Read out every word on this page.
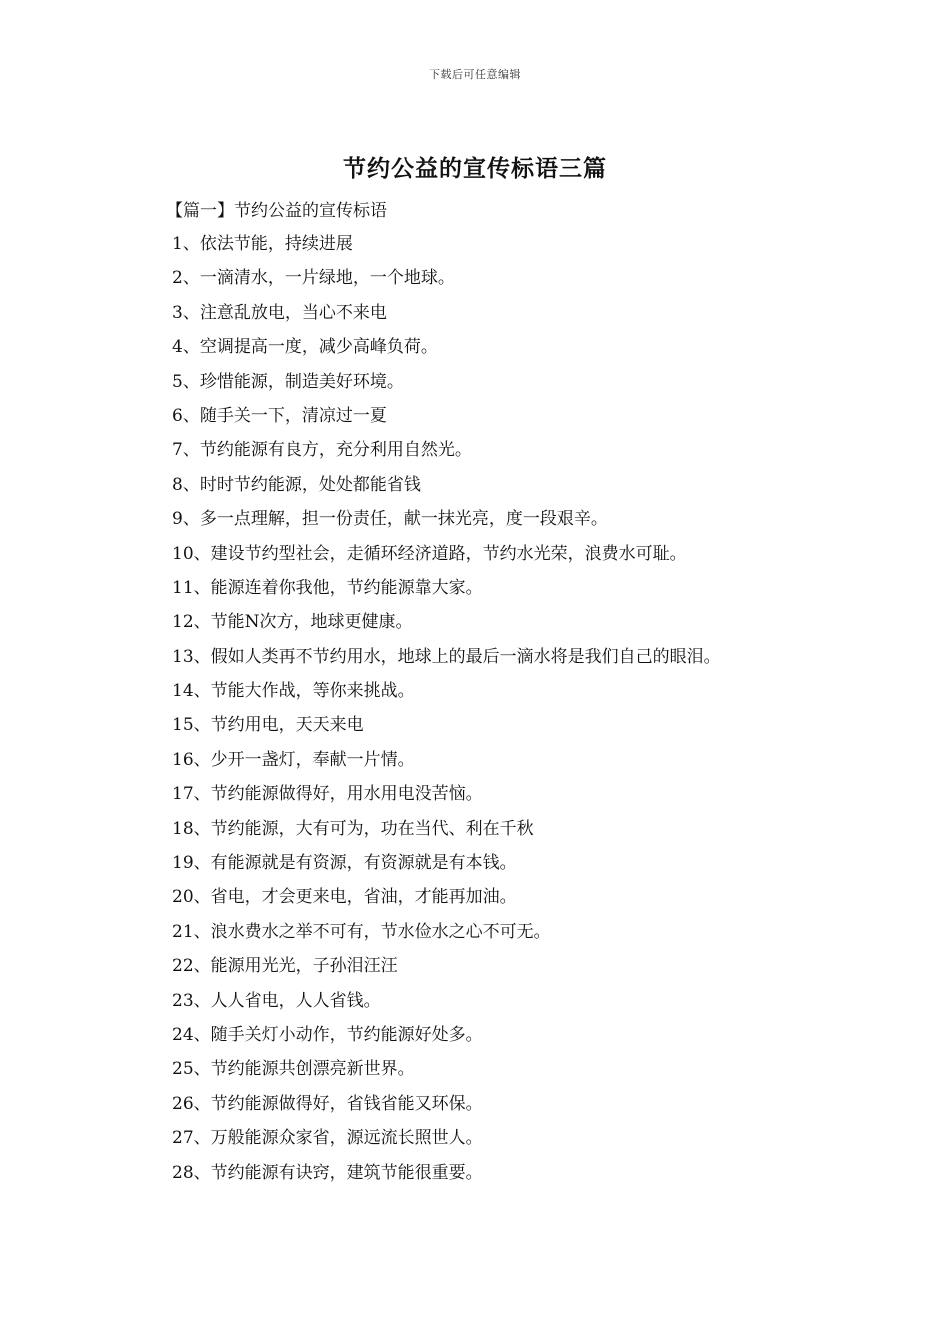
下载后可任意编辑
节约公益的宣传标语三篇
【篇一】节约公益的宣传标语
1、依法节能，持续进展
2、一滴清水，一片绿地，一个地球。
3、注意乱放电，当心不来电
4、空调提高一度，减少高峰负荷。
5、珍惜能源，制造美好环境。
6、随手关一下，清凉过一夏
7、节约能源有良方，充分利用自然光。
8、时时节约能源，处处都能省钱
9、多一点理解，担一份责任，献一抹光亮，度一段艰辛。
10、建设节约型社会，走循环经济道路，节约水光荣，浪费水可耻。
11、能源连着你我他，节约能源靠大家。
12、节能N次方，地球更健康。
13、假如人类再不节约用水，地球上的最后一滴水将是我们自己的眼泪。
14、节能大作战，等你来挑战。
15、节约用电，天天来电
16、少开一盏灯，奉献一片情。
17、节约能源做得好，用水用电没苦恼。
18、节约能源，大有可为，功在当代、利在千秋
19、有能源就是有资源，有资源就是有本钱。
20、省电，才会更来电，省油，才能再加油。
21、浪水费水之举不可有，节水俭水之心不可无。
22、能源用光光，子孙泪汪汪
23、人人省电，人人省钱。
24、随手关灯小动作，节约能源好处多。
25、节约能源共创漂亮新世界。
26、节约能源做得好，省钱省能又环保。
27、万般能源众家省，源远流长照世人。
28、节约能源有诀窍，建筑节能很重要。
